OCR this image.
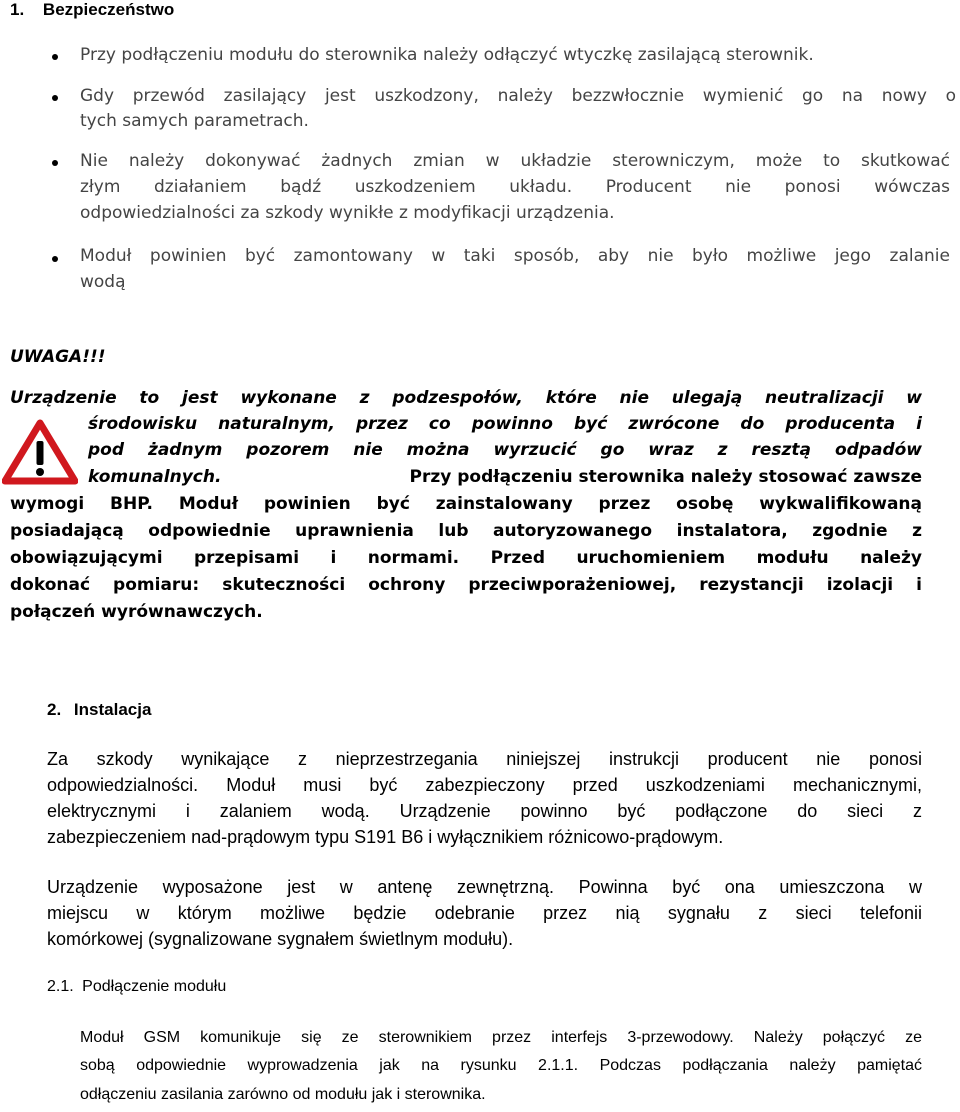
1. Bezpieczeństwo
Przy podłączeniu modułu do sterownika należy odłączyć wtyczkę zasilającą sterownik.
Gdy przewód zasilający jest uszkodzony, należy bezzwłocznie wymienić go na nowy o
tych samych parametrach.
Nie należy dokonywać żadnych zmian w układzie sterowniczym, może to skutkować
złym działaniem bądź uszkodzeniem układu. Producent nie ponosi wówczas
odpowiedzialności za szkody wynikłe z modyfikacji urządzenia.
Moduł powinien być zamontowany w taki sposób, aby nie było możliwe jego zalanie
wodą
UWAGA!!!
Urządzenie to jest wykonane z podzespołów, które nie ulegają neutralizacji w
środowisku naturalnym, przez co powinno być zwrócone do producenta i
pod żadnym pozorem nie można wyrzucić go wraz z resztą odpadów
komunalnych.	Przy podłączeniu sterownika należy stosować zawsze
wymogi BHP. Moduł powinien być zainstalowany przez osobę wykwalifikowaną
posiadającą odpowiednie uprawnienia lub autoryzowanego instalatora, zgodnie z
obowiązującymi przepisami i normami. Przed uruchomieniem modułu należy
dokonać pomiaru: skuteczności ochrony przeciwporażeniowej, rezystancji izolacji i
połączeń wyrównawczych.
2. Instalacja
Za szkody wynikające z nieprzestrzegania niniejszej instrukcji producent nie ponosi
odpowiedzialności. Moduł musi być zabezpieczony przed uszkodzeniami mechanicznymi,
elektrycznymi i zalaniem wodą. Urządzenie powinno być podłączone do sieci z
zabezpieczeniem nad-prądowym typu S191 B6 i wyłącznikiem różnicowo-prądowym.
Urządzenie wyposażone jest w antenę zewnętrzną. Powinna być ona umieszczona w
miejscu w którym możliwe będzie odebranie przez nią sygnału z sieci telefonii
komórkowej (sygnalizowane sygnałem świetlnym modułu).
2.1. Podłączenie modułu
Moduł GSM komunikuje się ze sterownikiem przez interfejs 3-przewodowy. Należy połączyć ze
sobą odpowiednie wyprowadzenia jak na rysunku 2.1.1. Podczas podłączania należy pamiętać
odłączeniu zasilania zarówno od modułu jak i sterownika.
